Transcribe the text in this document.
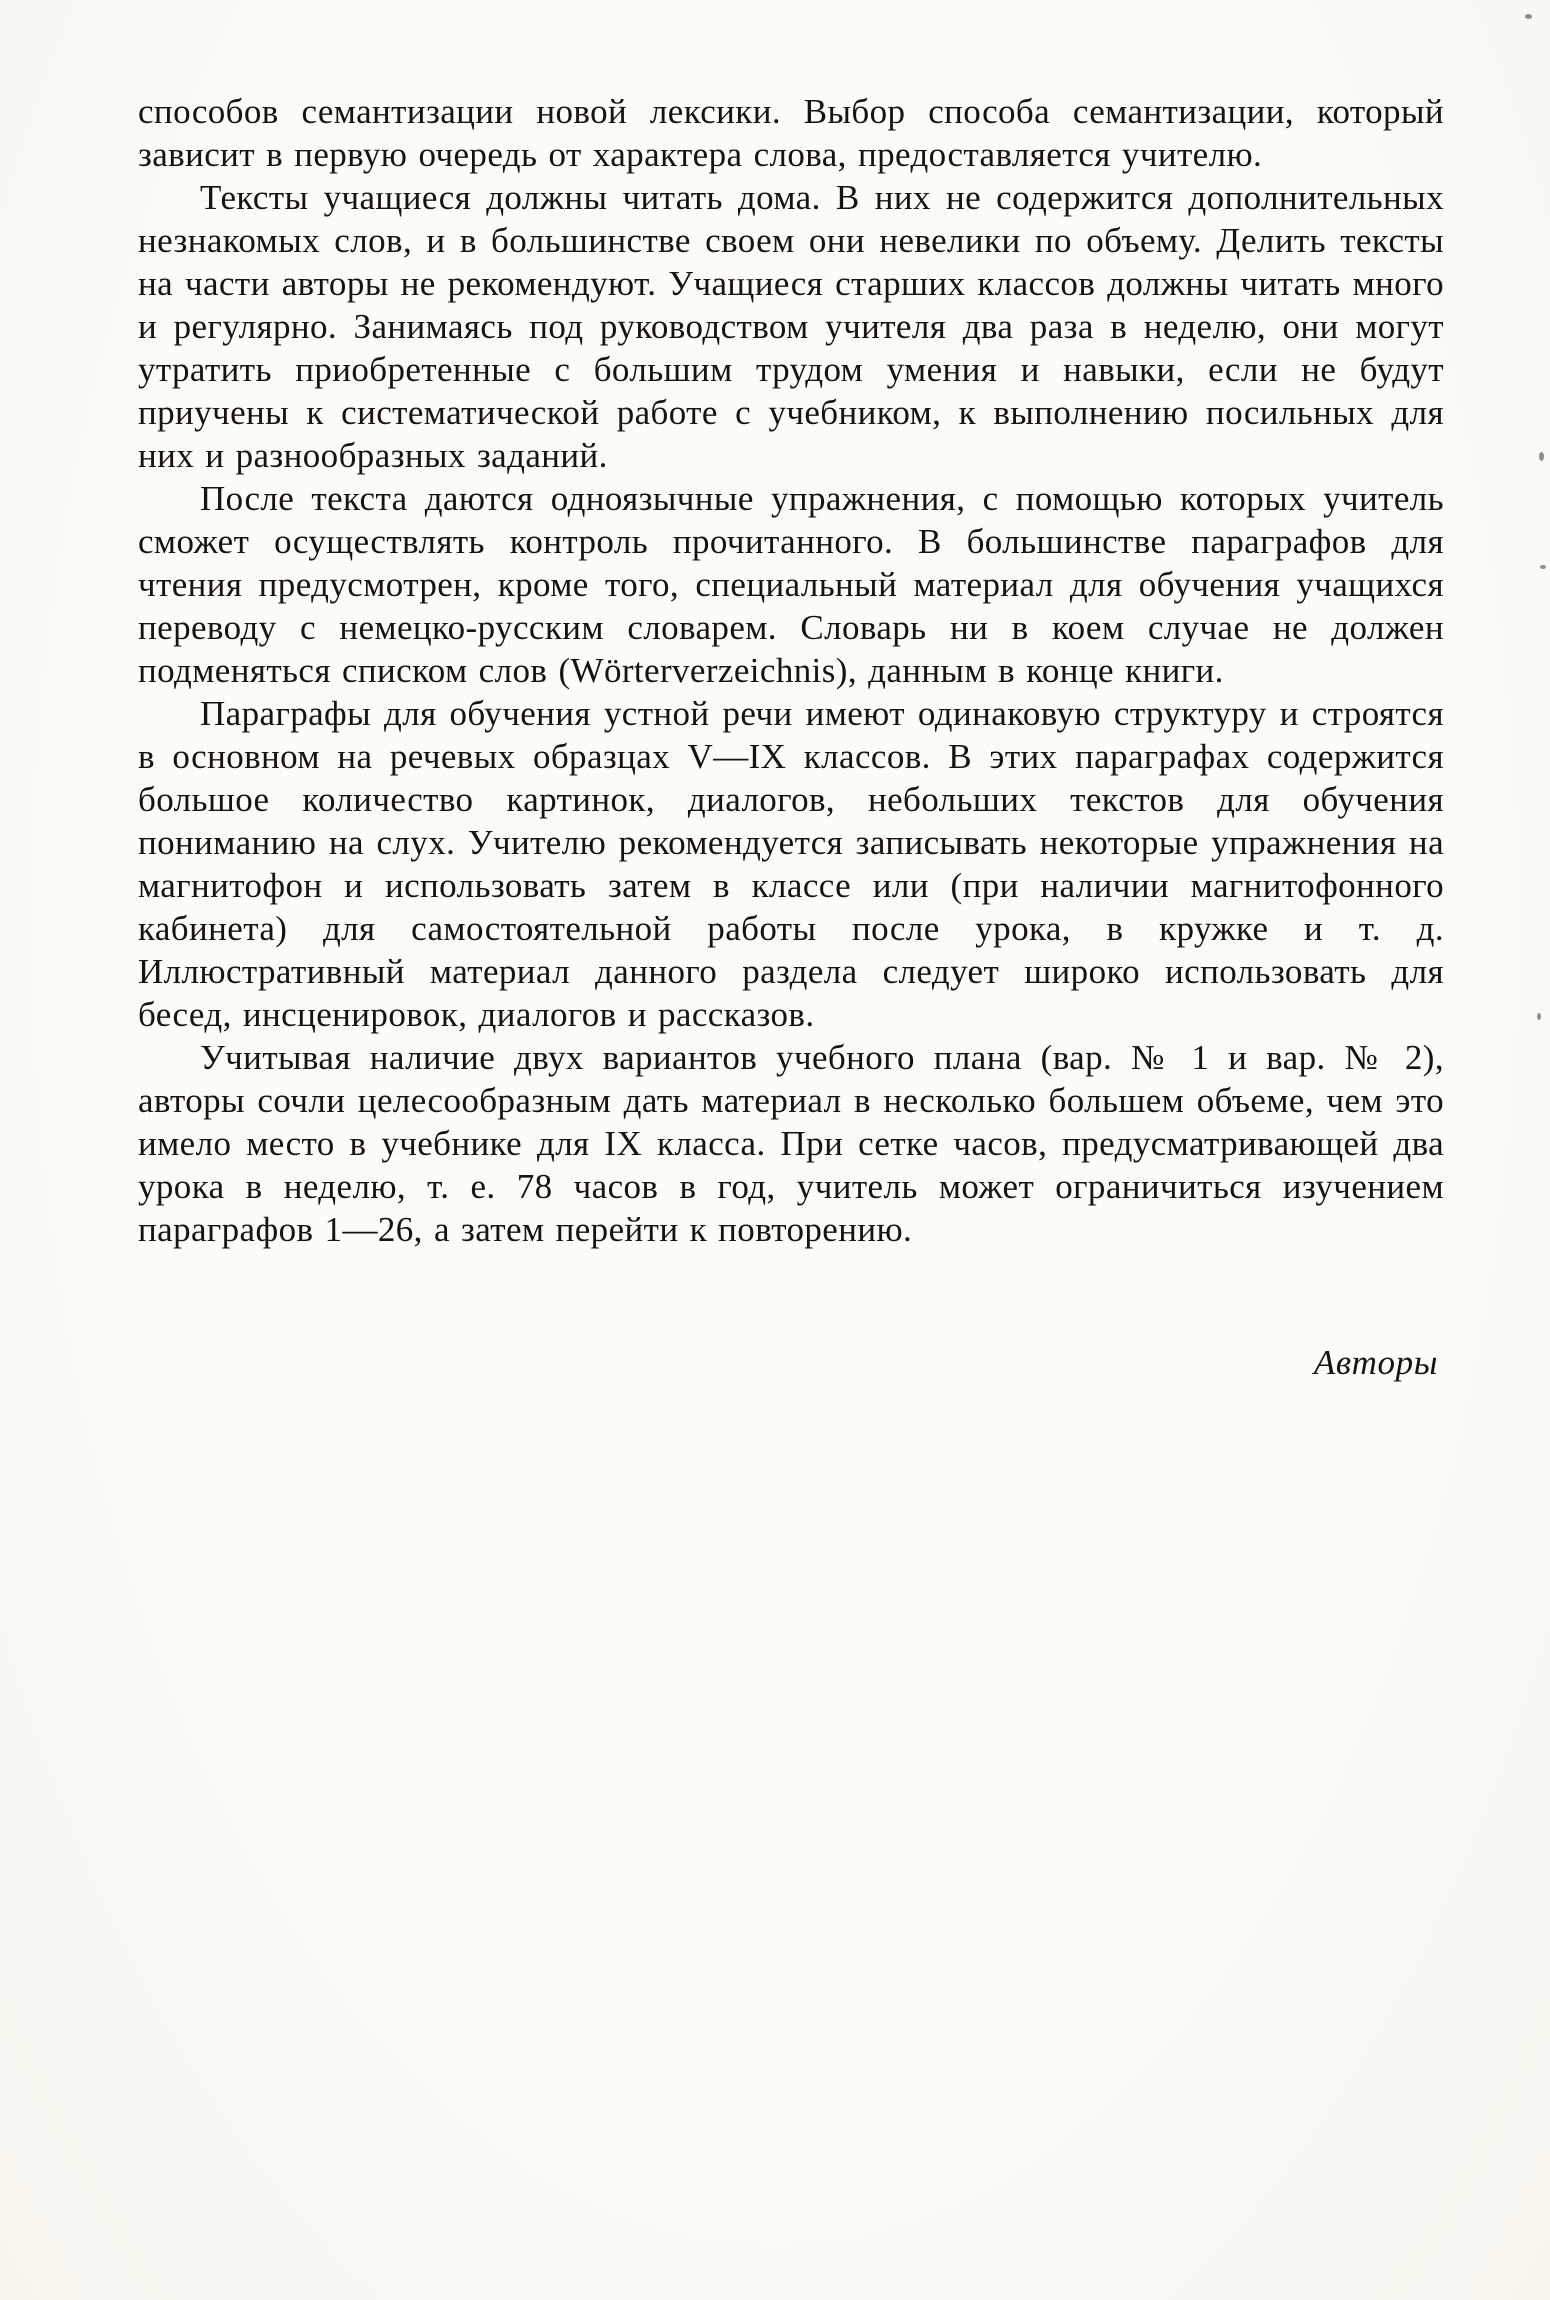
способов семантизации новой лексики. Выбор способа семантизации, который зависит в первую очередь от характера слова, предоставляется учителю.

Тексты учащиеся должны читать дома. В них не содержится дополнительных незнакомых слов, и в большинстве своем они невелики по объему. Делить тексты на части авторы не рекомендуют. Учащиеся старших классов должны читать много и регулярно. Занимаясь под руководством учителя два раза в неделю, они могут утратить приобретенные с большим трудом умения и навыки, если не будут приучены к систематической работе с учебником, к выполнению посильных для них и разнообразных заданий.

После текста даются одноязычные упражнения, с помощью которых учитель сможет осуществлять контроль прочитанного. В большинстве параграфов для чтения предусмотрен, кроме того, специальный материал для обучения учащихся переводу с немецко-русским словарем. Словарь ни в коем случае не должен подменяться списком слов (Wörterverzeichnis), данным в конце книги.

Параграфы для обучения устной речи имеют одинаковую структуру и строятся в основном на речевых образцах V—IX классов. В этих параграфах содержится большое количество картинок, диалогов, небольших текстов для обучения пониманию на слух. Учителю рекомендуется записывать некоторые упражнения на магнитофон и использовать затем в классе или (при наличии магнитофонного кабинета) для самостоятельной работы после урока, в кружке и т. д. Иллюстративный материал данного раздела следует широко использовать для бесед, инсценировок, диалогов и рассказов.

Учитывая наличие двух вариантов учебного плана (вар. № 1 и вар. № 2), авторы сочли целесообразным дать материал в несколько большем объеме, чем это имело место в учебнике для IX класса. При сетке часов, предусматривающей два урока в неделю, т. е. 78 часов в год, учитель может ограничиться изучением параграфов 1—26, а затем перейти к повторению.

Авторы
